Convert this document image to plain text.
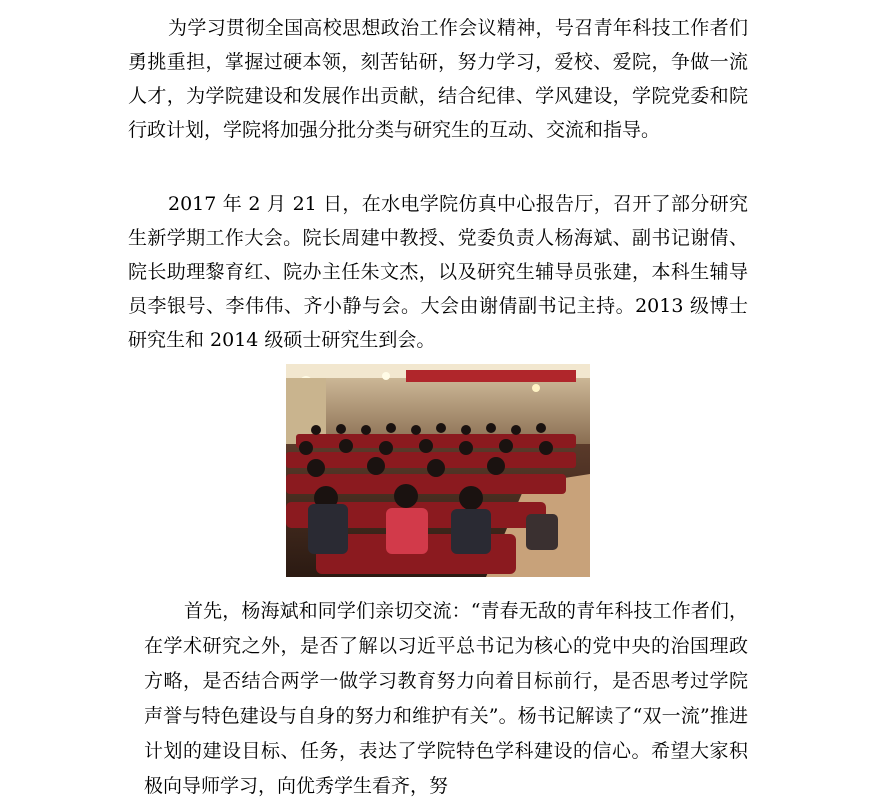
为学习贯彻全国高校思想政治工作会议精神，号召青年科技工作者们勇挑重担，掌握过硬本领，刻苦钻研，努力学习，爱校、爱院，争做一流人才，为学院建设和发展作出贡献，结合纪律、学风建设，学院党委和院行政计划，学院将加强分批分类与研究生的互动、交流和指导。

2017 年 2 月 21 日，在水电学院仿真中心报告厅，召开了部分研究生新学期工作大会。院长周建中教授、党委负责人杨海斌、副书记谢倩、院长助理黎育红、院办主任朱文杰，以及研究生辅导员张建，本科生辅导员李银号、李伟伟、齐小静与会。大会由谢倩副书记主持。2013 级博士研究生和 2014 级硕士研究生到会。

首先，杨海斌和同学们亲切交流：“青春无敌的青年科技工作者们，在学术研究之外，是否了解以习近平总书记为核心的党中央的治国理政方略，是否结合两学一做学习教育努力向着目标前行，是否思考过学院声誉与特色建设与自身的努力和维护有关”。杨书记解读了“双一流”推进计划的建设目标、任务，表达了学院特色学科建设的信心。希望大家积极向导师学习，向优秀学生看齐，努
